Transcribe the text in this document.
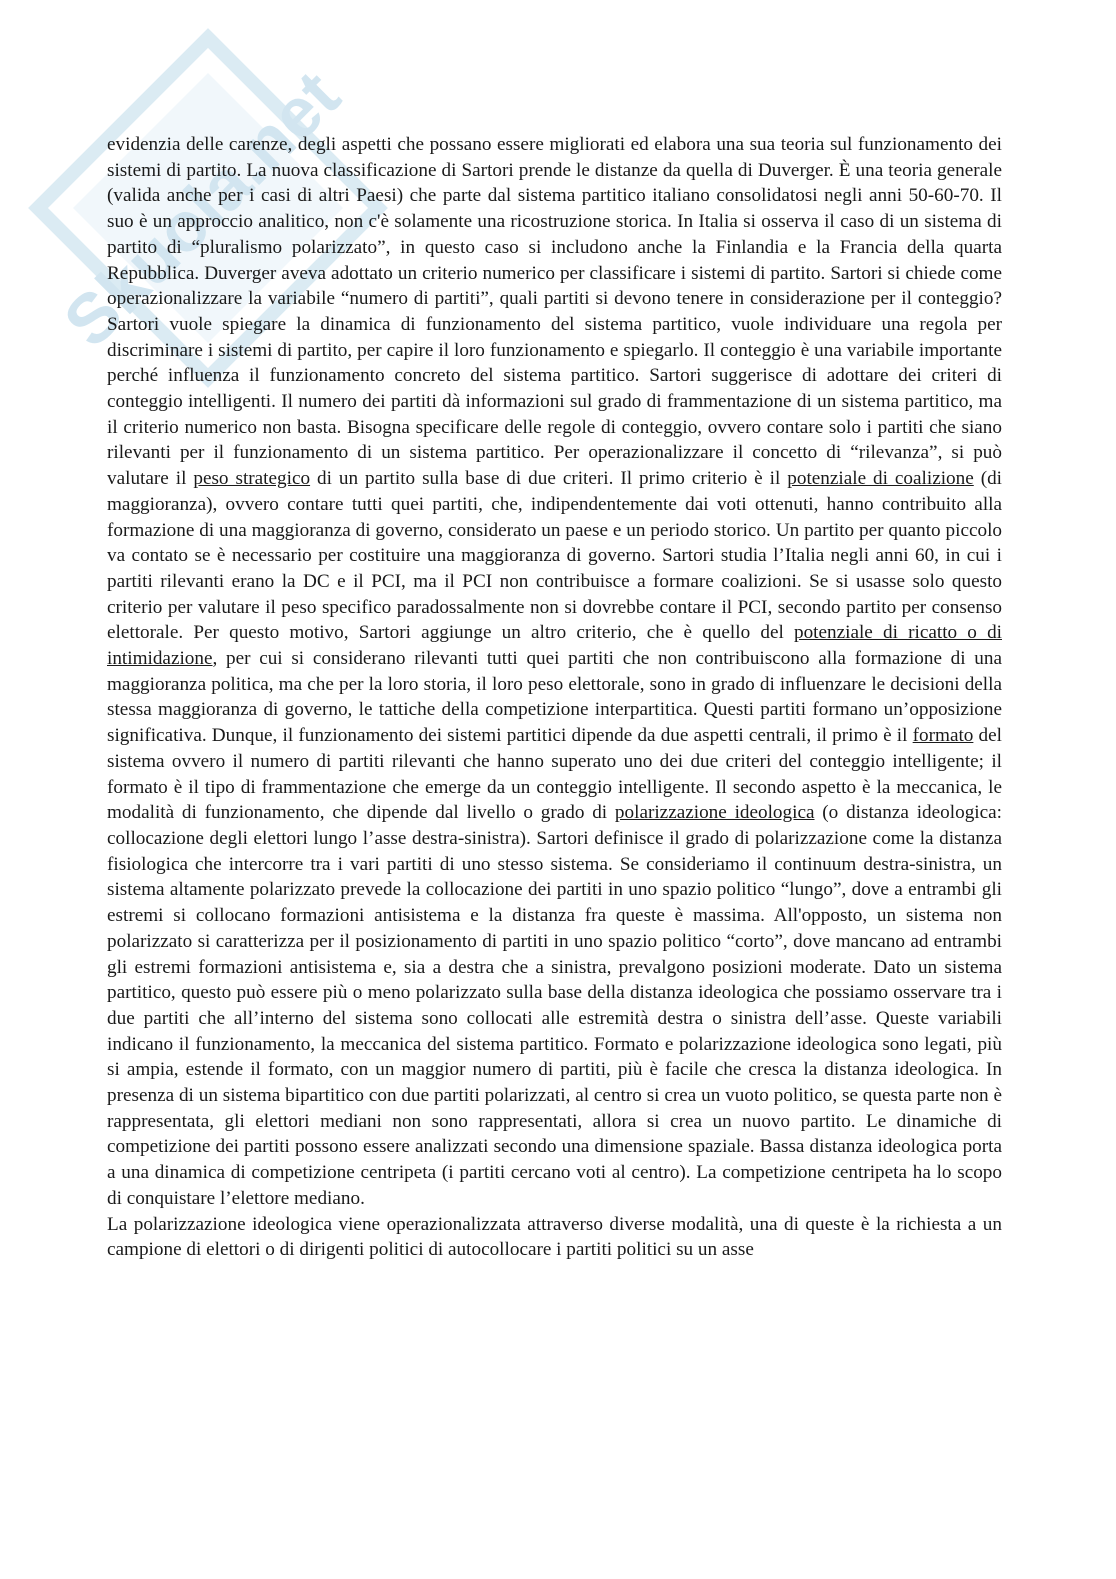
Skuola.net

evidenzia delle carenze, degli aspetti che possano essere migliorati ed elabora una sua teoria sul funzionamento dei sistemi di partito. La nuova classificazione di Sartori prende le distanze da quella di Duverger. È una teoria generale (valida anche per i casi di altri Paesi) che parte dal sistema partitico italiano consolidatosi negli anni 50-60-70. Il suo è un approccio analitico, non c'è solamente una ricostruzione storica. In Italia si osserva il caso di un sistema di partito di “pluralismo polarizzato”, in questo caso si includono anche la Finlandia e la Francia della quarta Repubblica. Duverger aveva adottato un criterio numerico per classificare i sistemi di partito. Sartori si chiede come operazionalizzare la variabile “numero di partiti”, quali partiti si devono tenere in considerazione per il conteggio? Sartori vuole spiegare la dinamica di funzionamento del sistema partitico, vuole individuare una regola per discriminare i sistemi di partito, per capire il loro funzionamento e spiegarlo. Il conteggio è una variabile importante perché influenza il funzionamento concreto del sistema partitico. Sartori suggerisce di adottare dei criteri di conteggio intelligenti. Il numero dei partiti dà informazioni sul grado di frammentazione di un sistema partitico, ma il criterio numerico non basta. Bisogna specificare delle regole di conteggio, ovvero contare solo i partiti che siano rilevanti per il funzionamento di un sistema partitico. Per operazionalizzare il concetto di “rilevanza”, si può valutare il peso strategico di un partito sulla base di due criteri. Il primo criterio è il potenziale di coalizione (di maggioranza), ovvero contare tutti quei partiti, che, indipendentemente dai voti ottenuti, hanno contribuito alla formazione di una maggioranza di governo, considerato un paese e un periodo storico. Un partito per quanto piccolo va contato se è necessario per costituire una maggioranza di governo. Sartori studia l’Italia negli anni 60, in cui i partiti rilevanti erano la DC e il PCI, ma il PCI non contribuisce a formare coalizioni. Se si usasse solo questo criterio per valutare il peso specifico paradossalmente non si dovrebbe contare il PCI, secondo partito per consenso elettorale. Per questo motivo, Sartori aggiunge un altro criterio, che è quello del potenziale di ricatto o di intimidazione, per cui si considerano rilevanti tutti quei partiti che non contribuiscono alla formazione di una maggioranza politica, ma che per la loro storia, il loro peso elettorale, sono in grado di influenzare le decisioni della stessa maggioranza di governo, le tattiche della competizione interpartitica. Questi partiti formano un’opposizione significativa. Dunque, il funzionamento dei sistemi partitici dipende da due aspetti centrali, il primo è il formato del sistema ovvero il numero di partiti rilevanti che hanno superato uno dei due criteri del conteggio intelligente; il formato è il tipo di frammentazione che emerge da un conteggio intelligente. Il secondo aspetto è la meccanica, le modalità di funzionamento, che dipende dal livello o grado di polarizzazione ideologica (o distanza ideologica: collocazione degli elettori lungo l’asse destra-sinistra). Sartori definisce il grado di polarizzazione come la distanza fisiologica che intercorre tra i vari partiti di uno stesso sistema. Se consideriamo il continuum destra-sinistra, un sistema altamente polarizzato prevede la collocazione dei partiti in uno spazio politico “lungo”, dove a entrambi gli estremi si collocano formazioni antisistema e la distanza fra queste è massima. All'opposto, un sistema non polarizzato si caratterizza per il posizionamento di partiti in uno spazio politico “corto”, dove mancano ad entrambi gli estremi formazioni antisistema e, sia a destra che a sinistra, prevalgono posizioni moderate. Dato un sistema partitico, questo può essere più o meno polarizzato sulla base della distanza ideologica che possiamo osservare tra i due partiti che all’interno del sistema sono collocati alle estremità destra o sinistra dell’asse. Queste variabili indicano il funzionamento, la meccanica del sistema partitico. Formato e polarizzazione ideologica sono legati, più si ampia, estende il formato, con un maggior numero di partiti, più è facile che cresca la distanza ideologica. In presenza di un sistema bipartitico con due partiti polarizzati, al centro si crea un vuoto politico, se questa parte non è rappresentata, gli elettori mediani non sono rappresentati, allora si crea un nuovo partito. Le dinamiche di competizione dei partiti possono essere analizzati secondo una dimensione spaziale. Bassa distanza ideologica porta a una dinamica di competizione centripeta (i partiti cercano voti al centro). La competizione centripeta ha lo scopo di conquistare l’elettore mediano.

La polarizzazione ideologica viene operazionalizzata attraverso diverse modalità, una di queste è la richiesta a un campione di elettori o di dirigenti politici di autocollocare i partiti politici su un asse
